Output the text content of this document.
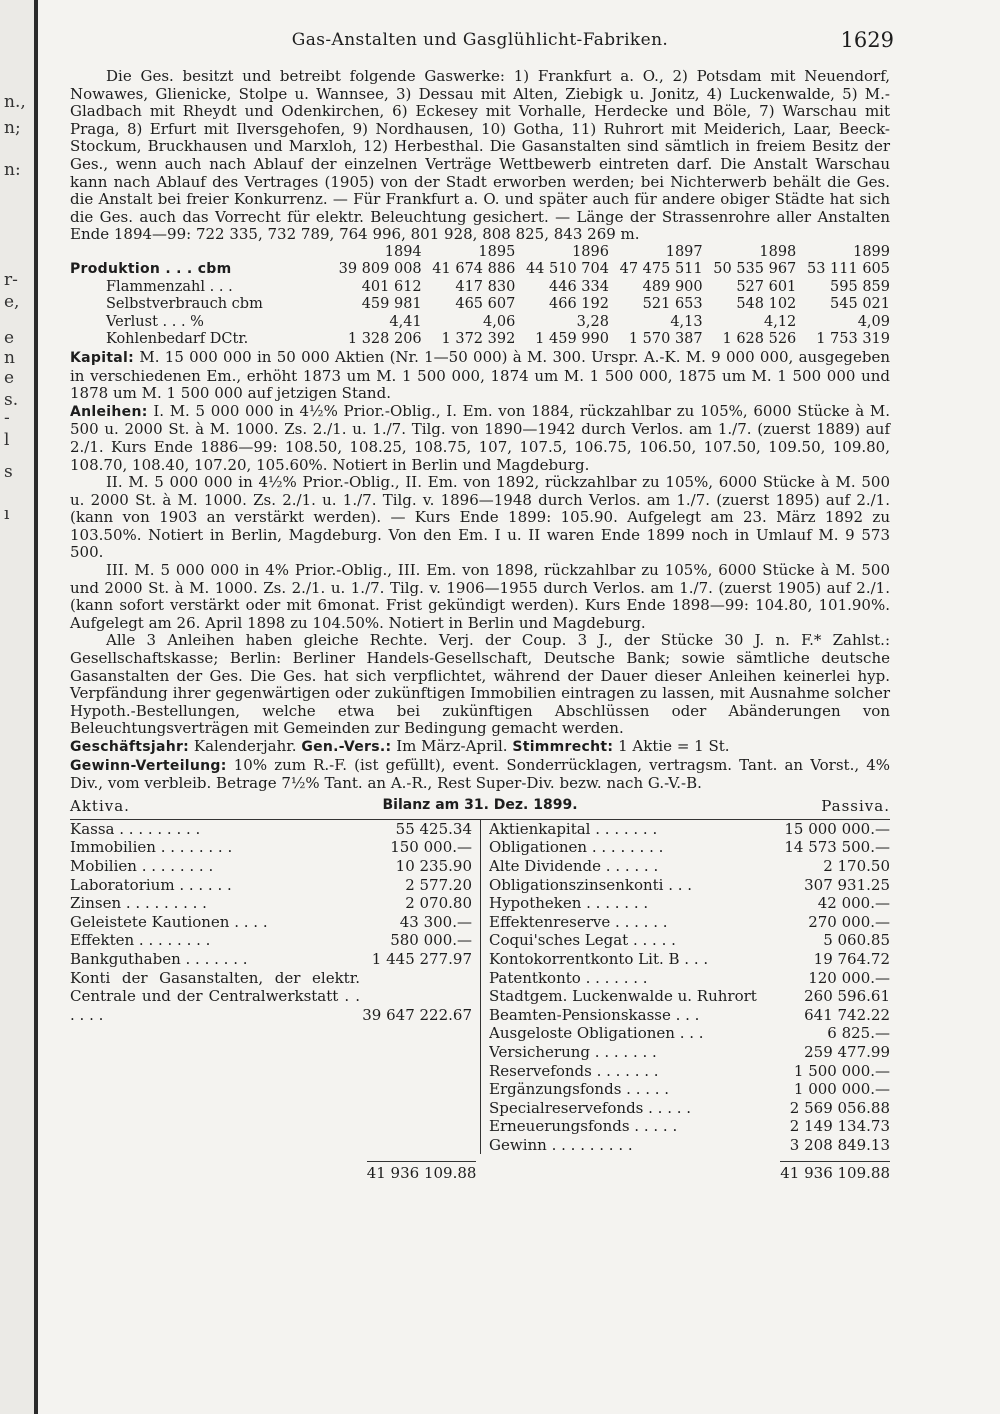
n.,
n;
n:
r-
e,
e
n
e
s.
-
l
s
ı
Gas-Anstalten und Gasglühlicht-Fabriken.	1629

Die Ges. besitzt und betreibt folgende Gaswerke: 1) Frankfurt a. O., 2) Potsdam mit Neuendorf, Nowawes, Glienicke, Stolpe u. Wannsee, 3) Dessau mit Alten, Ziebigk u. Jonitz, 4) Luckenwalde, 5) M.-Gladbach mit Rheydt und Odenkirchen, 6) Eckesey mit Vorhalle, Herdecke und Böle, 7) Warschau mit Praga, 8) Erfurt mit Ilversgehofen, 9) Nordhausen, 10) Gotha, 11) Ruhrort mit Meiderich, Laar, Beeck-Stockum, Bruckhausen und Marxloh, 12) Herbesthal. Die Gasanstalten sind sämtlich in freiem Besitz der Ges., wenn auch nach Ablauf der einzelnen Verträge Wettbewerb eintreten darf. Die Anstalt Warschau kann nach Ablauf des Vertrages (1905) von der Stadt erworben werden; bei Nichterwerb behält die Ges. die Anstalt bei freier Konkurrenz. — Für Frankfurt a. O. und später auch für andere obiger Städte hat sich die Ges. auch das Vorrecht für elektr. Beleuchtung gesichert. — Länge der Strassenrohre aller Anstalten Ende 1894—99: 722 335, 732 789, 764 996, 801 928, 808 825, 843 269 m.

	1894	1895	1896	1897	1898	1899
Produktion . . . cbm	39 809 008	41 674 886	44 510 704	47 475 511	50 535 967	53 111 605
Flammenzahl . . .	401 612	417 830	446 334	489 900	527 601	595 859
Selbstverbrauch cbm	459 981	465 607	466 192	521 653	548 102	545 021
Verlust . . . %	4,41	4,06	3,28	4,13	4,12	4,09
Kohlenbedarf DCtr.	1 328 206	1 372 392	1 459 990	1 570 387	1 628 526	1 753 319

Kapital: M. 15 000 000 in 50 000 Aktien (Nr. 1—50 000) à M. 300. Urspr. A.-K. M. 9 000 000, ausgegeben in verschiedenen Em., erhöht 1873 um M. 1 500 000, 1874 um M. 1 500 000, 1875 um M. 1 500 000 und 1878 um M. 1 500 000 auf jetzigen Stand.

Anleihen: I. M. 5 000 000 in 4½% Prior.-Oblig., I. Em. von 1884, rückzahlbar zu 105%, 6000 Stücke à M. 500 u. 2000 St. à M. 1000. Zs. 2./1. u. 1./7. Tilg. von 1890—1942 durch Verlos. am 1./7. (zuerst 1889) auf 2./1. Kurs Ende 1886—99: 108.50, 108.25, 108.75, 107, 107.5, 106.75, 106.50, 107.50, 109.50, 109.80, 108.70, 108.40, 107.20, 105.60%. Notiert in Berlin und Magdeburg.

II. M. 5 000 000 in 4½% Prior.-Oblig., II. Em. von 1892, rückzahlbar zu 105%, 6000 Stücke à M. 500 u. 2000 St. à M. 1000. Zs. 2./1. u. 1./7. Tilg. v. 1896—1948 durch Verlos. am 1./7. (zuerst 1895) auf 2./1. (kann von 1903 an verstärkt werden). — Kurs Ende 1899: 105.90. Aufgelegt am 23. März 1892 zu 103.50%. Notiert in Berlin, Magdeburg. Von den Em. I u. II waren Ende 1899 noch in Umlauf M. 9 573 500.

III. M. 5 000 000 in 4% Prior.-Oblig., III. Em. von 1898, rückzahlbar zu 105%, 6000 Stücke à M. 500 und 2000 St. à M. 1000. Zs. 2./1. u. 1./7. Tilg. v. 1906—1955 durch Verlos. am 1./7. (zuerst 1905) auf 2./1. (kann sofort verstärkt oder mit 6monat. Frist gekündigt werden). Kurs Ende 1898—99: 104.80, 101.90%. Aufgelegt am 26. April 1898 zu 104.50%. Notiert in Berlin und Magdeburg.

Alle 3 Anleihen haben gleiche Rechte. Verj. der Coup. 3 J., der Stücke 30 J. n. F.* Zahlst.: Gesellschaftskasse; Berlin: Berliner Handels-Gesellschaft, Deutsche Bank; sowie sämtliche deutsche Gasanstalten der Ges. Die Ges. hat sich verpflichtet, während der Dauer dieser Anleihen keinerlei hyp. Verpfändung ihrer gegenwärtigen oder zukünftigen Immobilien eintragen zu lassen, mit Ausnahme solcher Hypoth.-Bestellungen, welche etwa bei zukünftigen Abschlüssen oder Abänderungen von Beleuchtungsverträgen mit Gemeinden zur Bedingung gemacht werden.

Geschäftsjahr: Kalenderjahr. Gen.-Vers.: Im März-April. Stimmrecht: 1 Aktie = 1 St.

Gewinn-Verteilung: 10% zum R.-F. (ist gefüllt), event. Sonderrücklagen, vertragsm. Tant. an Vorst., 4% Div., vom verbleib. Betrage 7½% Tant. an A.-R., Rest Super-Div. bezw. nach G.-V.-B.

Aktiva.	Bilanz am 31. Dez. 1899.	Passiva.
Kassa . . . . . . . . .	55 425.34
Immobilien . . . . . . . .	150 000.—
Mobilien . . . . . . . .	10 235.90
Laboratorium . . . . . .	2 577.20
Zinsen . . . . . . . . .	2 070.80
Geleistete Kautionen . . . .	43 300.—
Effekten . . . . . . . .	580 000.—
Bankguthaben . . . . . . .	1 445 277.97
Konti der Gasanstalten, der elektr. Centrale und der Centralwerkstatt . . . . . .	39 647 222.67
Aktienkapital . . . . . . .	15 000 000.—
Obligationen . . . . . . . .	14 573 500.—
Alte Dividende . . . . . .	2 170.50
Obligationszinsenkonti . . .	307 931.25
Hypotheken . . . . . . .	42 000.—
Effektenreserve . . . . . .	270 000.—
Coqui'sches Legat . . . . .	5 060.85
Kontokorrentkonto Lit. B . . .	19 764.72
Patentkonto . . . . . . .	120 000.—
Stadtgem. Luckenwalde u. Ruhrort	260 596.61
Beamten-Pensionskasse . . .	641 742.22
Ausgeloste Obligationen . . .	6 825.—
Versicherung . . . . . . .	259 477.99
Reservefonds . . . . . . .	1 500 000.—
Ergänzungsfonds . . . . .	1 000 000.—
Specialreservefonds . . . . .	2 569 056.88
Erneuerungsfonds . . . . .	2 149 134.73
Gewinn . . . . . . . . .	3 208 849.13
41 936 109.88	41 936 109.88
